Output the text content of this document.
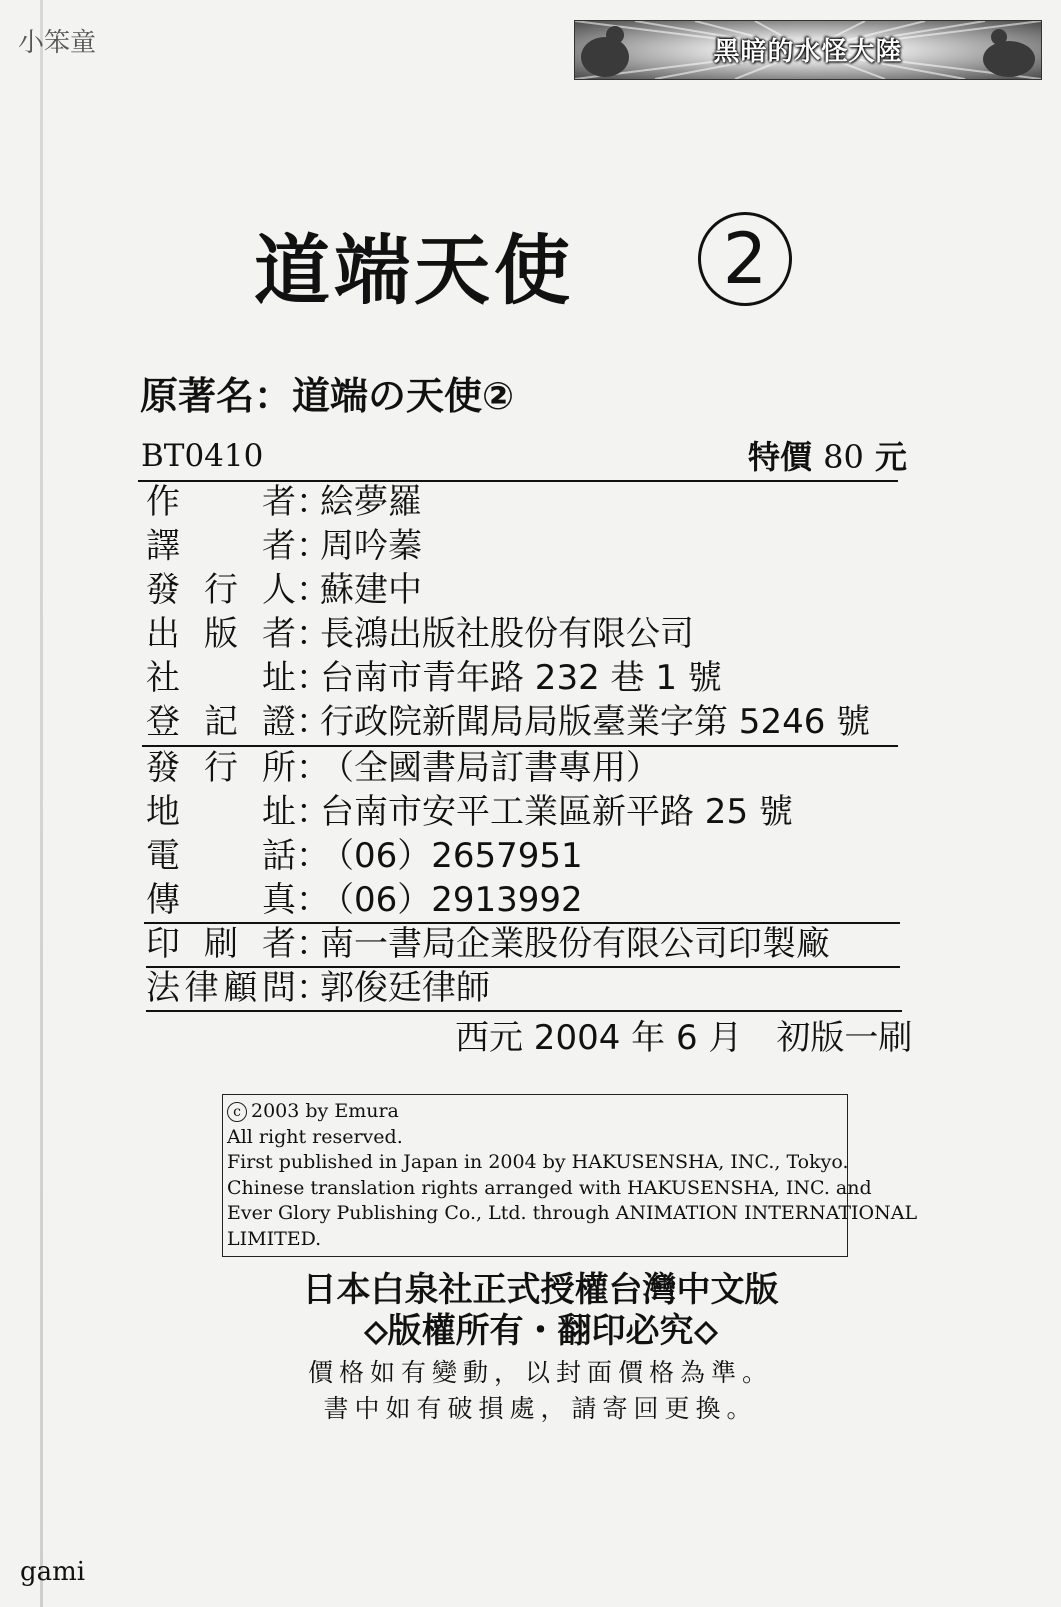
小笨童	黑暗的水怪大陸
道端天使	2
原著名：道端の天使②
BT0410	特價 80 元
作者：絵夢羅
譯者：周吟蓁
發行人：蘇建中
出版者：長鴻出版社股份有限公司
社址：台南市青年路 232 巷 1 號
登記證：行政院新聞局局版臺業字第 5246 號
發行所：（全國書局訂書專用）
地址：台南市安平工業區新平路 25 號
電話：（06）2657951
傳真：（06）2913992
印刷者：南一書局企業股份有限公司印製廠
法律顧問：郭俊廷律師
西元 2004 年 6 月　初版一刷
c 2003 by Emura
All right reserved.
First published in Japan in 2004 by HAKUSENSHA, INC., Tokyo.
Chinese translation rights arranged with HAKUSENSHA, INC. and
Ever Glory Publishing Co., Ltd. through ANIMATION INTERNATIONAL
LIMITED.
日本白泉社正式授權台灣中文版
版權所有・翻印必究
價格如有變動，以封面價格為準。
書中如有破損處，請寄回更換。
gami
